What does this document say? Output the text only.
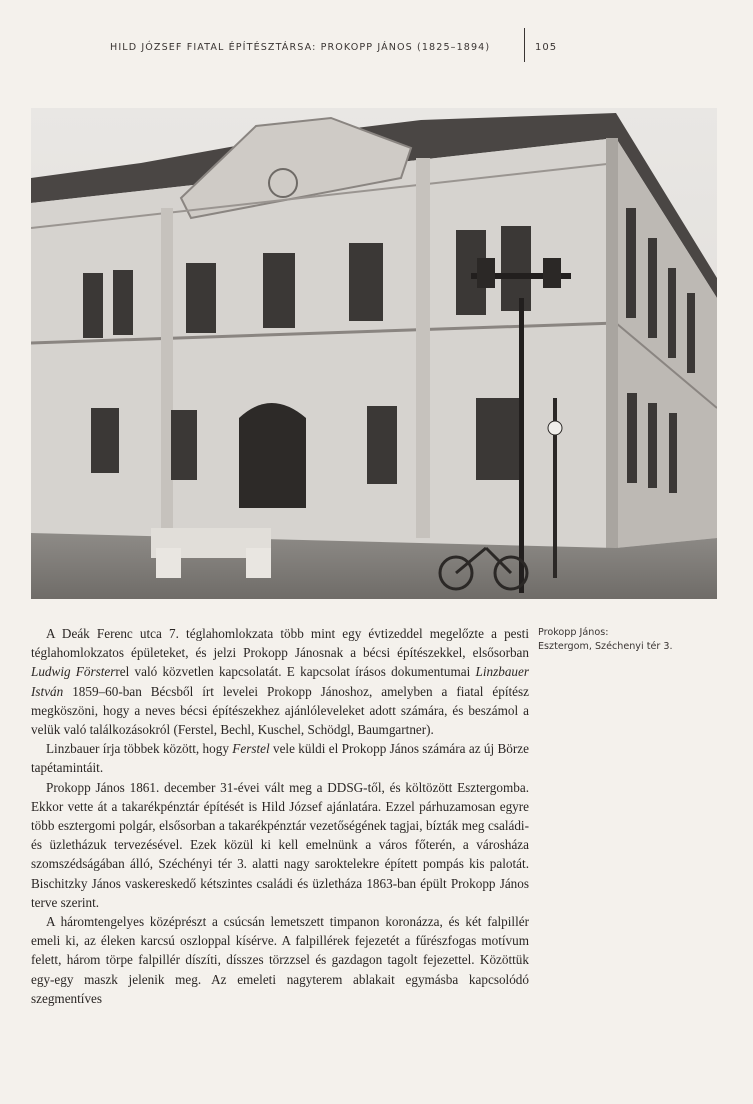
HILD JÓZSEF FIATAL ÉPÍTÉSZTÁRSA: PROKOPP JÁNOS (1825–1894)	105
Prokopp János:
Esztergom, Széchenyi tér 3.

A Deák Ferenc utca 7. téglahomlokzata több mint egy évtizeddel megelőzte a pesti téglahomlokzatos épületeket, és jelzi Prokopp Jánosnak a bécsi építészekkel, elsősorban Ludwig Försterrel való közvetlen kapcsolatát. E kapcsolat írásos dokumentumai Linzbauer István 1859–60-ban Bécsből írt levelei Prokopp Jánoshoz, amelyben a fiatal építész megköszöni, hogy a neves bécsi építészekhez ajánlóleveleket adott számára, és beszámol a velük való találkozásokról (Ferstel, Bechl, Kuschel, Schödgl, Baumgartner).

Linzbauer írja többek között, hogy Ferstel vele küldi el Prokopp János számára az új Börze tapétamintáit.

Prokopp János 1861. december 31-évei vált meg a DDSG-től, és költözött Esztergomba. Ekkor vette át a takarékpénztár építését is Hild József ajánlatára. Ezzel párhuzamosan egyre több esztergomi polgár, elsősorban a takarékpénztár vezetőségének tagjai, bízták meg családi- és üzletházuk tervezésével. Ezek közül ki kell emelnünk a város főterén, a városháza szomszédságában álló, Széchényi tér 3. alatti nagy saroktelekre épített pompás kis palotát. Bischitzky János vaskereskedő kétszintes családi és üzletháza 1863-ban épült Prokopp János terve szerint.

A háromtengelyes középrészt a csúcsán lemetszett timpanon koronázza, és két falpillér emeli ki, az éleken karcsú oszloppal kísérve. A falpillérek fejezetét a fűrészfogas motívum felett, három törpe falpillér díszíti, dísszes törzzsel és gazdagon tagolt fejezettel. Közöttük egy-egy maszk jelenik meg. Az emeleti nagyterem ablakait egymásba kapcsolódó szegmentíves
